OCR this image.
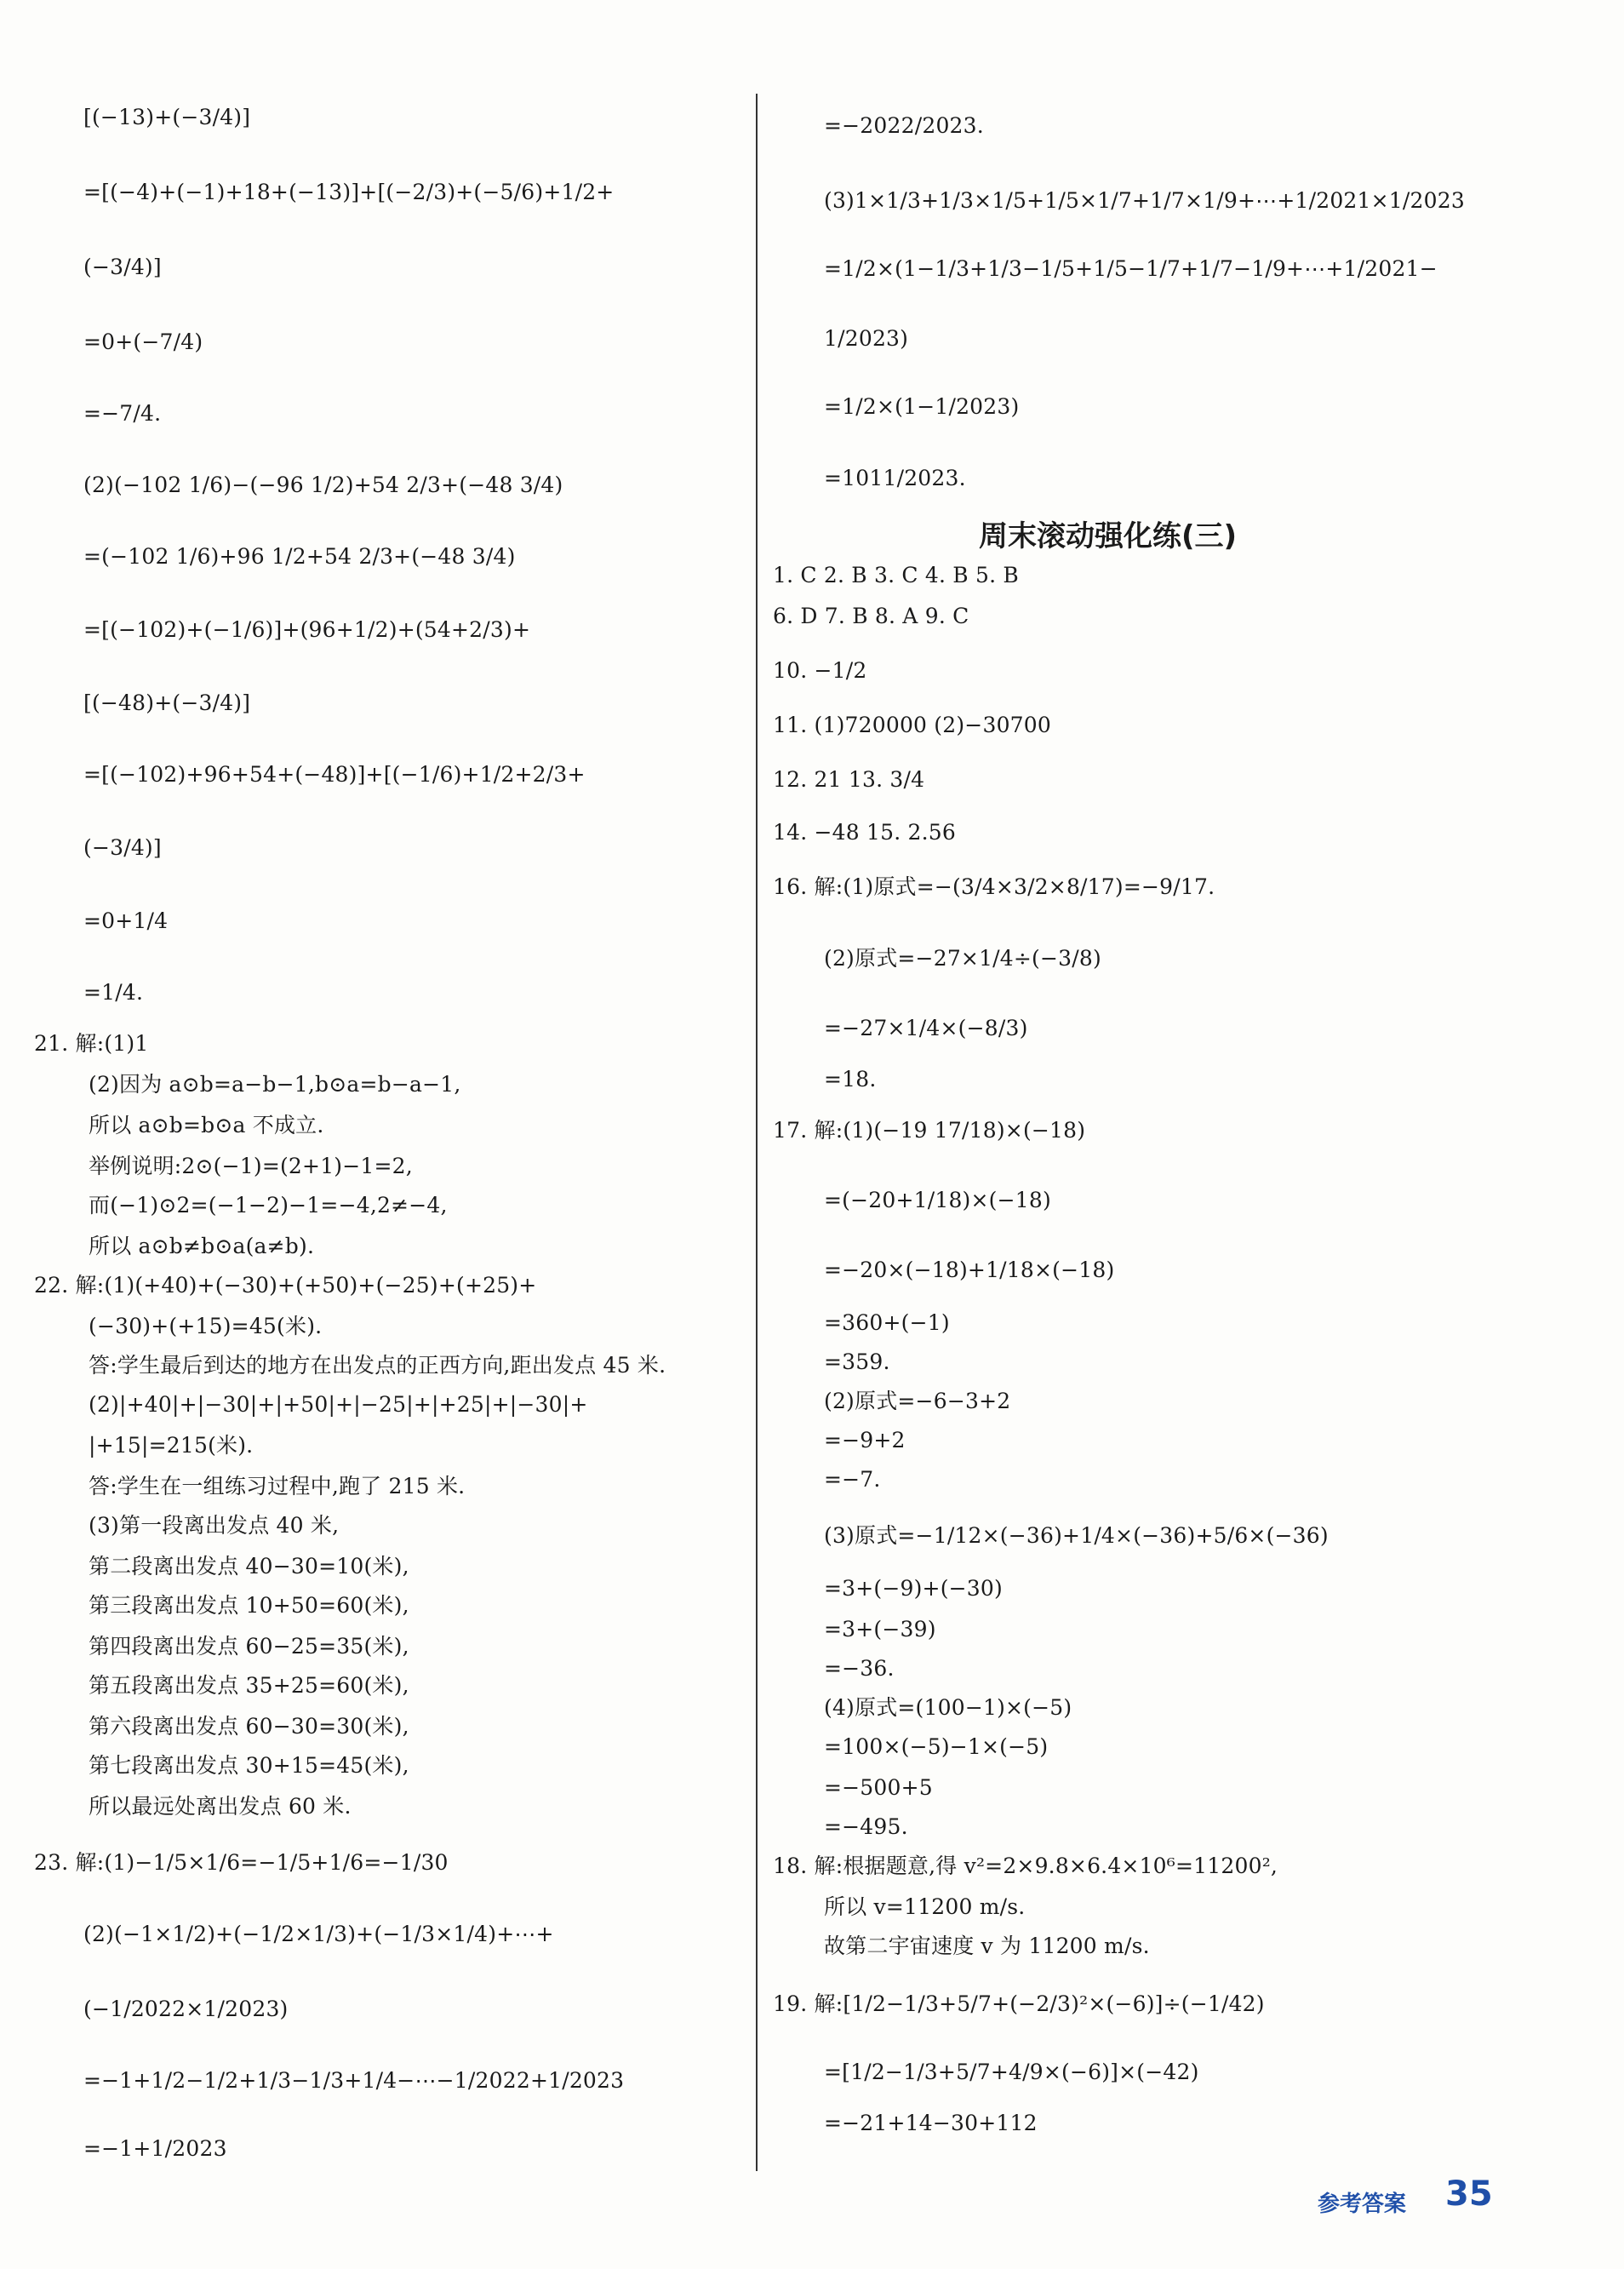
[(−13)+(−3/4)]
=[(−4)+(−1)+18+(−13)]+[(−2/3)+(−5/6)+1/2+
(−3/4)]
=0+(−7/4)
=−7/4.
(2)(−102 1/6)−(−96 1/2)+54 2/3+(−48 3/4)
=(−102 1/6)+96 1/2+54 2/3+(−48 3/4)
=[(−102)+(−1/6)]+(96+1/2)+(54+2/3)+
[(−48)+(−3/4)]
=[(−102)+96+54+(−48)]+[(−1/6)+1/2+2/3+
(−3/4)]
=0+1/4
=1/4.
21. 解:(1)1
(2)因为 a⊙b=a−b−1,b⊙a=b−a−1,
所以 a⊙b=b⊙a 不成立.
举例说明:2⊙(−1)=(2+1)−1=2,
而(−1)⊙2=(−1−2)−1=−4,2≠−4,
所以 a⊙b≠b⊙a(a≠b).
22. 解:(1)(+40)+(−30)+(+50)+(−25)+(+25)+
(−30)+(+15)=45(米).
答:学生最后到达的地方在出发点的正西方向,距出发点 45 米.
(2)|+40|+|−30|+|+50|+|−25|+|+25|+|−30|+
|+15|=215(米).
答:学生在一组练习过程中,跑了 215 米.
(3)第一段离出发点 40 米,
第二段离出发点 40−30=10(米),
第三段离出发点 10+50=60(米),
第四段离出发点 60−25=35(米),
第五段离出发点 35+25=60(米),
第六段离出发点 60−30=30(米),
第七段离出发点 30+15=45(米),
所以最远处离出发点 60 米.
23. 解:(1)−1/5×1/6=−1/5+1/6=−1/30
(2)(−1×1/2)+(−1/2×1/3)+(−1/3×1/4)+⋯+
(−1/2022×1/2023)
=−1+1/2−1/2+1/3−1/3+1/4−⋯−1/2022+1/2023
=−1+1/2023
=−2022/2023.
(3)1×1/3+1/3×1/5+1/5×1/7+1/7×1/9+⋯+1/2021×1/2023
=1/2×(1−1/3+1/3−1/5+1/5−1/7+1/7−1/9+⋯+1/2021−
1/2023)
=1/2×(1−1/2023)
=1011/2023.
周末滚动强化练(三)
1. C 2. B 3. C 4. B 5. B
6. D 7. B 8. A 9. C
10. −1/2
11. (1)720000 (2)−30700
12. 21 13. 3/4
14. −48 15. 2.56
16. 解:(1)原式=−(3/4×3/2×8/17)=−9/17.
(2)原式=−27×1/4÷(−3/8)
=−27×1/4×(−8/3)
=18.
17. 解:(1)(−19 17/18)×(−18)
=(−20+1/18)×(−18)
=−20×(−18)+1/18×(−18)
=360+(−1)
=359.
(2)原式=−6−3+2
=−9+2
=−7.
(3)原式=−1/12×(−36)+1/4×(−36)+5/6×(−36)
=3+(−9)+(−30)
=3+(−39)
=−36.
(4)原式=(100−1)×(−5)
=100×(−5)−1×(−5)
=−500+5
=−495.
18. 解:根据题意,得 v²=2×9.8×6.4×10⁶=11200²,
所以 v=11200 m/s.
故第二宇宙速度 v 为 11200 m/s.
19. 解:[1/2−1/3+5/7+(−2/3)²×(−6)]÷(−1/42)
=[1/2−1/3+5/7+4/9×(−6)]×(−42)
=−21+14−30+112
参考答案 35
